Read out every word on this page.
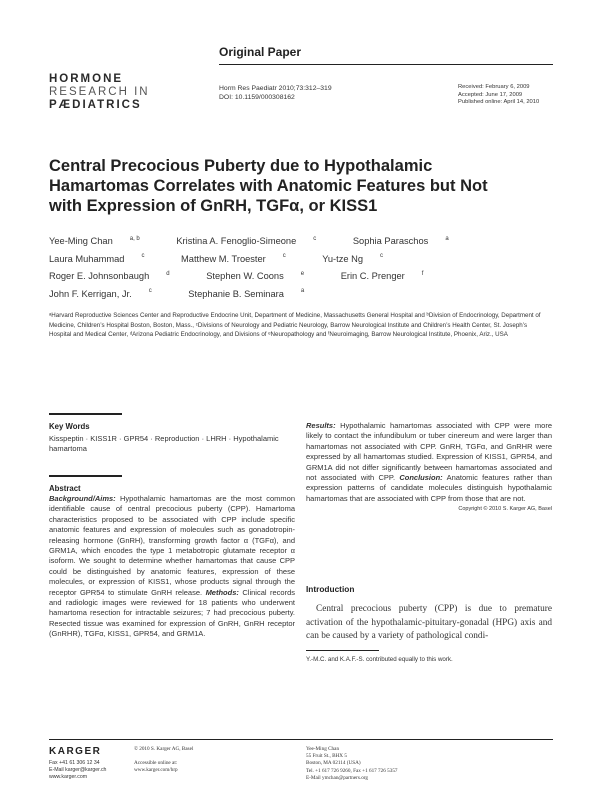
Original Paper
HORMONE
RESEARCH IN
PÆDIATRICS
Horm Res Paediatr 2010;73:312–319
DOI: 10.1159/000308162
Received: February 6, 2009
Accepted: June 17, 2009
Published online: April 14, 2010
Central Precocious Puberty due to Hypothalamic Hamartomas Correlates with Anatomic Features but Not with Expression of GnRH, TGFα, or KISS1
Yee-Ming Chan	$^{a, b}$	Kristina A. Fenoglio-Simeone	$^c$	Sophia Paraschos	$^a$
Laura Muhammad	$^c$	Matthew M. Troester	$^c$	Yu-tze Ng	$^c$
Roger E. Johnsonbaugh	$^d$	Stephen W. Coons	$^e$	Erin C. Prenger	$^f$
John F. Kerrigan, Jr.	$^c$	Stephanie B. Seminara	$^a$
ᵃHarvard Reproductive Sciences Center and Reproductive Endocrine Unit, Department of Medicine, Massachusetts General Hospital and ᵇDivision of Endocrinology, Department of Medicine, Children’s Hospital Boston, Boston, Mass., ᶜDivisions of Neurology and Pediatric Neurology, Barrow Neurological Institute and Children’s Health Center, St. Joseph’s Hospital and Medical Center, ᵈArizona Pediatric Endocrinology, and Divisions of ᵉNeuropathology and ᶠNeuroimaging, Barrow Neurological Institute, Phoenix, Ariz., USA
Key Words
Kisspeptin · KISS1R · GPR54 · Reproduction · LHRH · Hypothalamic hamartoma
Abstract
Background/Aims: Hypothalamic hamartomas are the most common identifiable cause of central precocious puberty (CPP). Hamartoma characteristics proposed to be associated with CPP include specific anatomic features and expression of molecules such as gonadotropin-releasing hormone (GnRH), transforming growth factor α (TGFα), and GRM1A, which encodes the type 1 metabotropic glutamate receptor α isoform. We sought to determine whether hamartomas that cause CPP could be distinguished by anatomic features, expression of these molecules, or expression of KISS1, whose products signal through the receptor GPR54 to stimulate GnRH release. Methods: Clinical records and radiologic images were reviewed for 18 patients who underwent hamartoma resection for intractable seizures; 7 had precocious puberty. Resected tissue was examined for expression of GnRH, GnRH receptor (GnRHR), TGFα, KISS1, GPR54, and GRM1A.
Results: Hypothalamic hamartomas associated with CPP were more likely to contact the infundibulum or tuber cinereum and were larger than hamartomas not associated with CPP. GnRH, TGFα, and GnRHR were expressed by all hamartomas studied. Expression of KISS1, GPR54, and GRM1A did not differ significantly between hamartomas associated and not associated with CPP. Conclusion: Anatomic features rather than expression patterns of candidate molecules distinguish hypothalamic hamartomas that are associated with CPP from those that are not.
Copyright © 2010 S. Karger AG, Basel
Introduction
Central precocious puberty (CPP) is due to premature activation of the hypothalamic-pituitary-gonadal (HPG) axis and can be caused by a variety of pathological condi-
Y.-M.C. and K.A.F.-S. contributed equally to this work.
KARGER
Fax +41 61 306 12 34
E-Mail karger@karger.ch
www.karger.com
© 2010 S. Karger AG, Basel
Accessible online at:
www.karger.com/hrp
Yee-Ming Chan
55 Fruit St., BHX 5
Boston, MA 02114 (USA)
Tel. +1 617 726 9260, Fax +1 617 726 5357
E-Mail ymchan@partners.org
